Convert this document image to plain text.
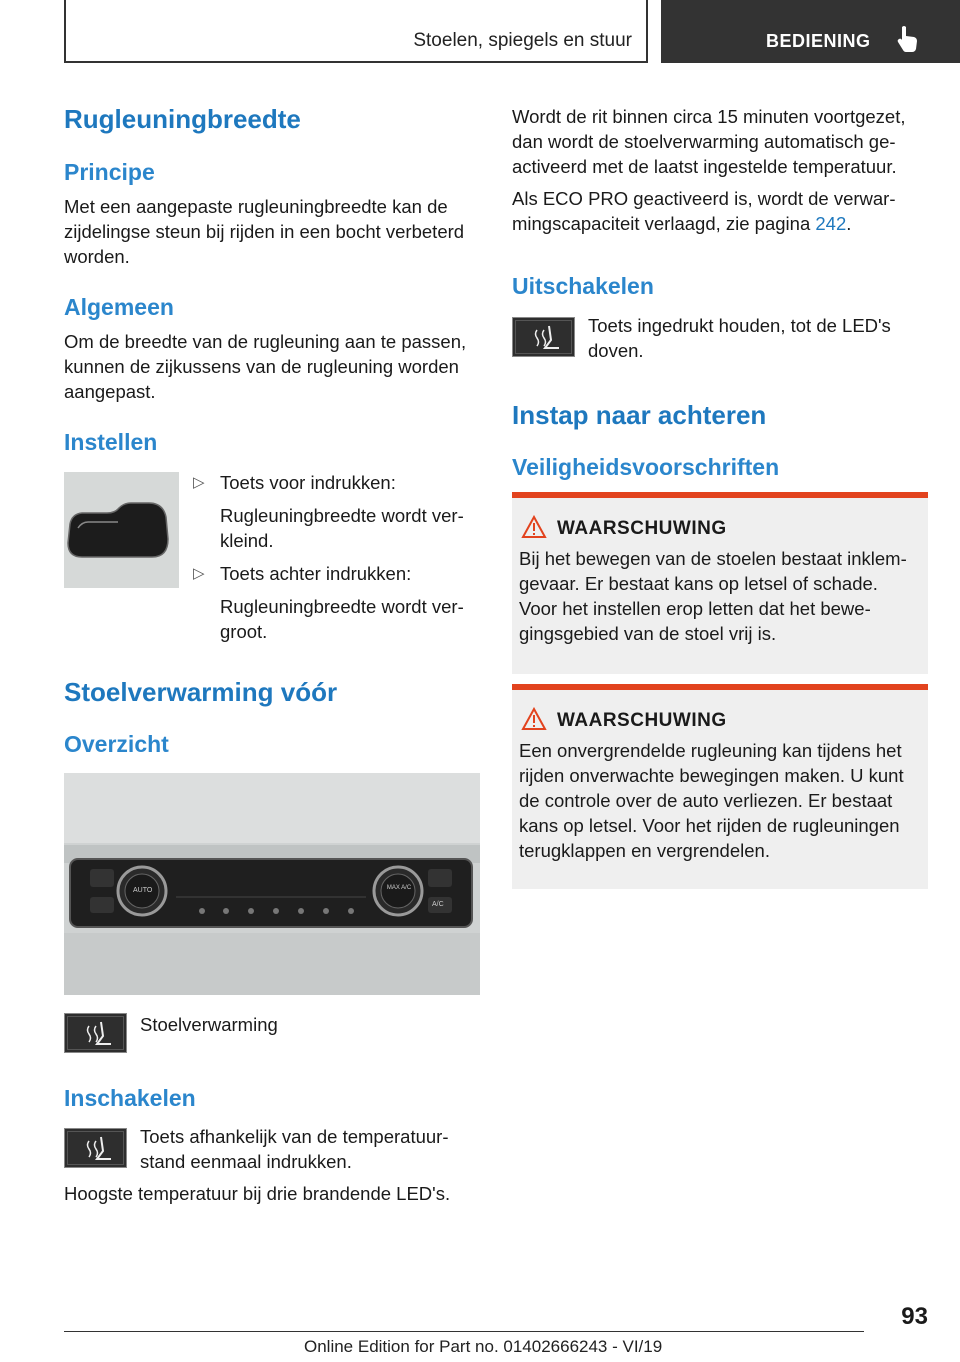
Stoelen, spiegels en stuur	BEDIENING
Rugleuningbreedte
Principe

Met een aangepaste rugleuningbreedte kan de zijdelingse steun bij rijden in een bocht verbeterd worden.

Algemeen

Om de breedte van de rugleuning aan te passen, kunnen de zijkussens van de rugleuning worden aangepast.

Instellen
▷ Toets voor indrukken:

Rugleuningbreedte wordt verkleind.

▷ Toets achter indrukken:

Rugleuningbreedte wordt vergroot.

Stoelverwarming vóór
Overzicht
AUTO	MAX A/C
A/C

Stoelverwarming

Inschakelen

Toets afhankelijk van de temperatuurstand eenmaal indrukken.

Hoogste temperatuur bij drie brandende LED's.

Wordt de rit binnen circa 15 minuten voortgezet, dan wordt de stoelverwarming automatisch geactiveerd met de laatst ingestelde temperatuur.

Als ECO PRO geactiveerd is, wordt de verwarmingscapaciteit verlaagd, zie pagina 242.

Uitschakelen

Toets ingedrukt houden, tot de LED's doven.

Instap naar achteren
Veiligheidsvoorschriften
WAARSCHUWING

Bij het bewegen van de stoelen bestaat inklemgevaar. Er bestaat kans op letsel of schade. Voor het instellen erop letten dat het bewegingsgebied van de stoel vrij is.

WAARSCHUWING

Een onvergrendelde rugleuning kan tijdens het rijden onverwachte bewegingen maken. U kunt de controle over de auto verliezen. Er bestaat kans op letsel. Voor het rijden de rugleuningen terugklappen en vergrendelen.

93
Online Edition for Part no. 01402666243 - VI/19
